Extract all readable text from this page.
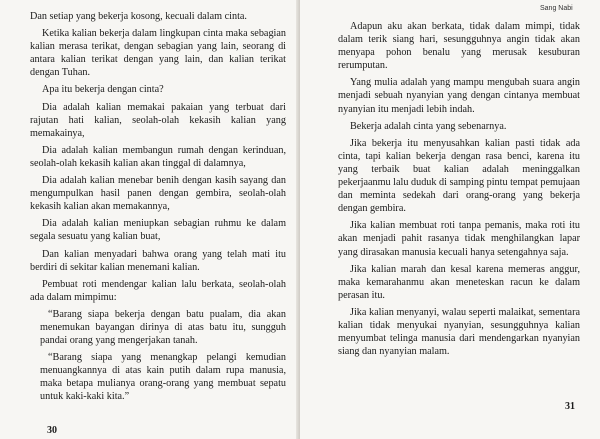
Dan setiap yang bekerja kosong, kecuali dalam cinta.

Ketika kalian bekerja dalam lingkupan cinta maka sebagian kalian merasa terikat, dengan sebagian yang lain, seorang di antara kalian terikat dengan yang lain, dan kalian terikat dengan Tuhan.

Apa itu bekerja dengan cinta?

Dia adalah kalian memakai pakaian yang terbuat dari rajutan hati kalian, seolah-olah kekasih kalian yang memakainya,

Dia adalah kalian membangun rumah dengan kerinduan, seolah-olah kekasih kalian akan tinggal di dalamnya,

Dia adalah kalian menebar benih dengan kasih sayang dan mengumpulkan hasil panen dengan gembira, seolah-olah kekasih kalian akan memakannya,

Dia adalah kalian meniupkan sebagian ruhmu ke dalam segala sesuatu yang kalian buat,

Dan kalian menyadari bahwa orang yang telah mati itu berdiri di sekitar kalian menemani kalian.

Pembuat roti mendengar kalian lalu berkata, seolah-olah ada dalam mimpimu:

“Barang siapa bekerja dengan batu pualam, dia akan menemukan bayangan dirinya di atas batu itu, sungguh pandai orang yang mengerjakan tanah.

“Barang siapa yang menangkap pelangi kemudian menuangkannya di atas kain putih dalam rupa manusia, maka betapa mulianya orang-orang yang membuat sepatu untuk kaki-kaki kita.”

Adapun aku akan berkata, tidak dalam mimpi, tidak dalam terik siang hari, sesungguhnya angin tidak akan menyapa pohon benalu yang merusak kesuburan rerumputan.

Yang mulia adalah yang mampu mengubah suara angin menjadi sebuah nyanyian yang dengan cintanya membuat nyanyian itu menjadi lebih indah.

Bekerja adalah cinta yang sebenarnya.

Jika bekerja itu menyusahkan kalian pasti tidak ada cinta, tapi kalian bekerja dengan rasa benci, karena itu yang terbaik buat kalian adalah meninggalkan pekerjaanmu lalu duduk di samping pintu tempat pemujaan dan meminta sedekah dari orang-orang yang bekerja dengan gembira.

Jika kalian membuat roti tanpa pemanis, maka roti itu akan menjadi pahit rasanya tidak menghilangkan lapar yang dirasakan manusia kecuali hanya setengahnya saja.

Jika kalian marah dan kesal karena memeras anggur, maka kemarahanmu akan meneteskan racun ke dalam perasan itu.

Jika kalian menyanyi, walau seperti malaikat, sementara kalian tidak menyukai nyanyian, sesungguhnya kalian menyumbat telinga manusia dari mendengarkan nyanyian siang dan nyanyian malam.

Sang Nabi
30
31
